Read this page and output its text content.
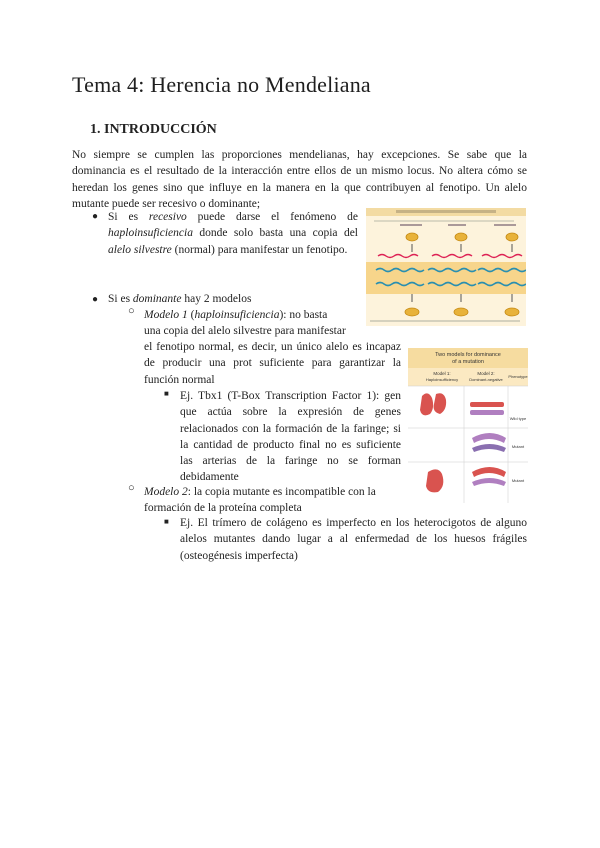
Tema 4: Herencia no Mendeliana
1. INTRODUCCIÓN

No siempre se cumplen las proporciones mendelianas, hay excepciones. Se sabe que la dominancia es el resultado de la interacción entre ellos de un mismo locus. No altera cómo se heredan los genes sino que influye en la manera en la que contribuyen al fenotipo. Un alelo mutante puede ser recesivo o dominante;

● Si es recesivo puede darse el fenómeno de haploinsuficiencia donde solo basta una copia del alelo silvestre (normal) para manifestar un fenotipo.

● Si es dominante hay 2 modelos

○ Modelo 1 (haploinsuficiencia): no basta

una copia del alelo silvestre para manifestar

el fenotipo normal, es decir, un único alelo es incapaz de producir una prot suficiente para garantizar la función normal

■ Ej. Tbx1 (T-Box Transcription Factor 1): gen que actúa sobre la expresión de genes relacionados con la formación de la faringe; si la cantidad de producto final no es suficiente las arterias de la faringe no se forman debidamente

Two models for dominance
of a mutation
Model 1:
Haploinsufficiency
Model 2:
Dominant-negative
Phenotype
Wild type
Mutant
Mutant
○ Modelo 2: la copia mutante es incompatible con la formación de la proteína completa

■ Ej. El trímero de colágeno es imperfecto en los heterocigotos de alguno alelos mutantes dando lugar a al enfermedad de los huesos frágiles (osteogénesis imperfecta)
